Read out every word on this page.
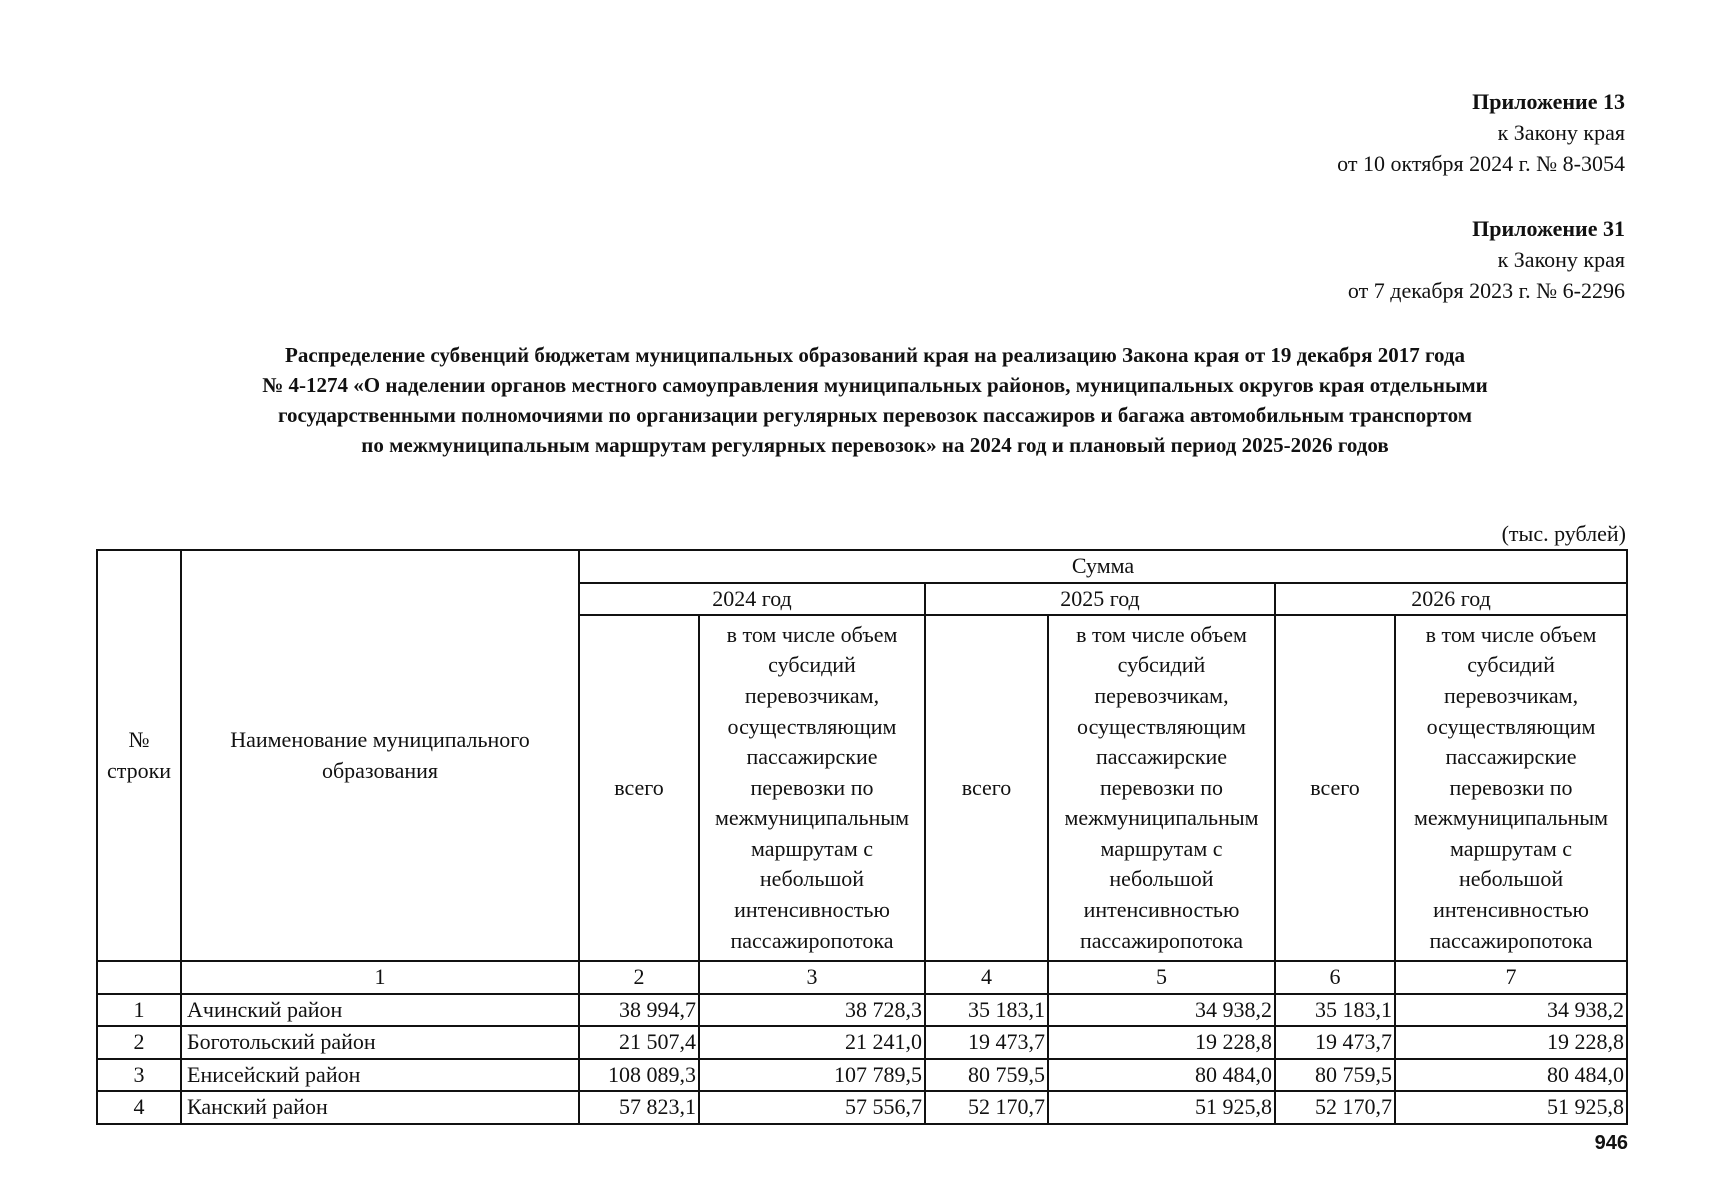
Приложение 13
к Закону края
от 10 октября 2024 г. № 8-3054
Приложение 31
к Закону края
от 7 декабря 2023 г. № 6-2296
Распределение субвенций бюджетам муниципальных образований края на реализацию Закона края от 19 декабря 2017 года
№ 4-1274 «О наделении органов местного самоуправления муниципальных районов, муниципальных округов края отдельными
государственными полномочиями по организации регулярных перевозок пассажиров и багажа автомобильным транспортом
по межмуниципальным маршрутам регулярных перевозок» на 2024 год и плановый период 2025-2026 годов
(тыс. рублей)
№ строки	Наименование муниципального образования	Сумма					
		2024 год		2025 год		2026 год	
		всего	в том числе объем субсидий перевозчикам, осуществляющим пассажирские перевозки по межмуниципальным маршрутам с небольшой интенсивностью пассажиропотока	всего	в том числе объем субсидий перевозчикам, осуществляющим пассажирские перевозки по межмуниципальным маршрутам с небольшой интенсивностью пассажиропотока	всего	в том числе объем субсидий перевозчикам, осуществляющим пассажирские перевозки по межмуниципальным маршрутам с небольшой интенсивностью пассажиропотока
	1	2	3	4	5	6	7
1	Ачинский район	38 994,7	38 728,3	35 183,1	34 938,2	35 183,1	34 938,2
2	Боготольский район	21 507,4	21 241,0	19 473,7	19 228,8	19 473,7	19 228,8
3	Енисейский район	108 089,3	107 789,5	80 759,5	80 484,0	80 759,5	80 484,0
4	Канский район	57 823,1	57 556,7	52 170,7	51 925,8	52 170,7	51 925,8
946
